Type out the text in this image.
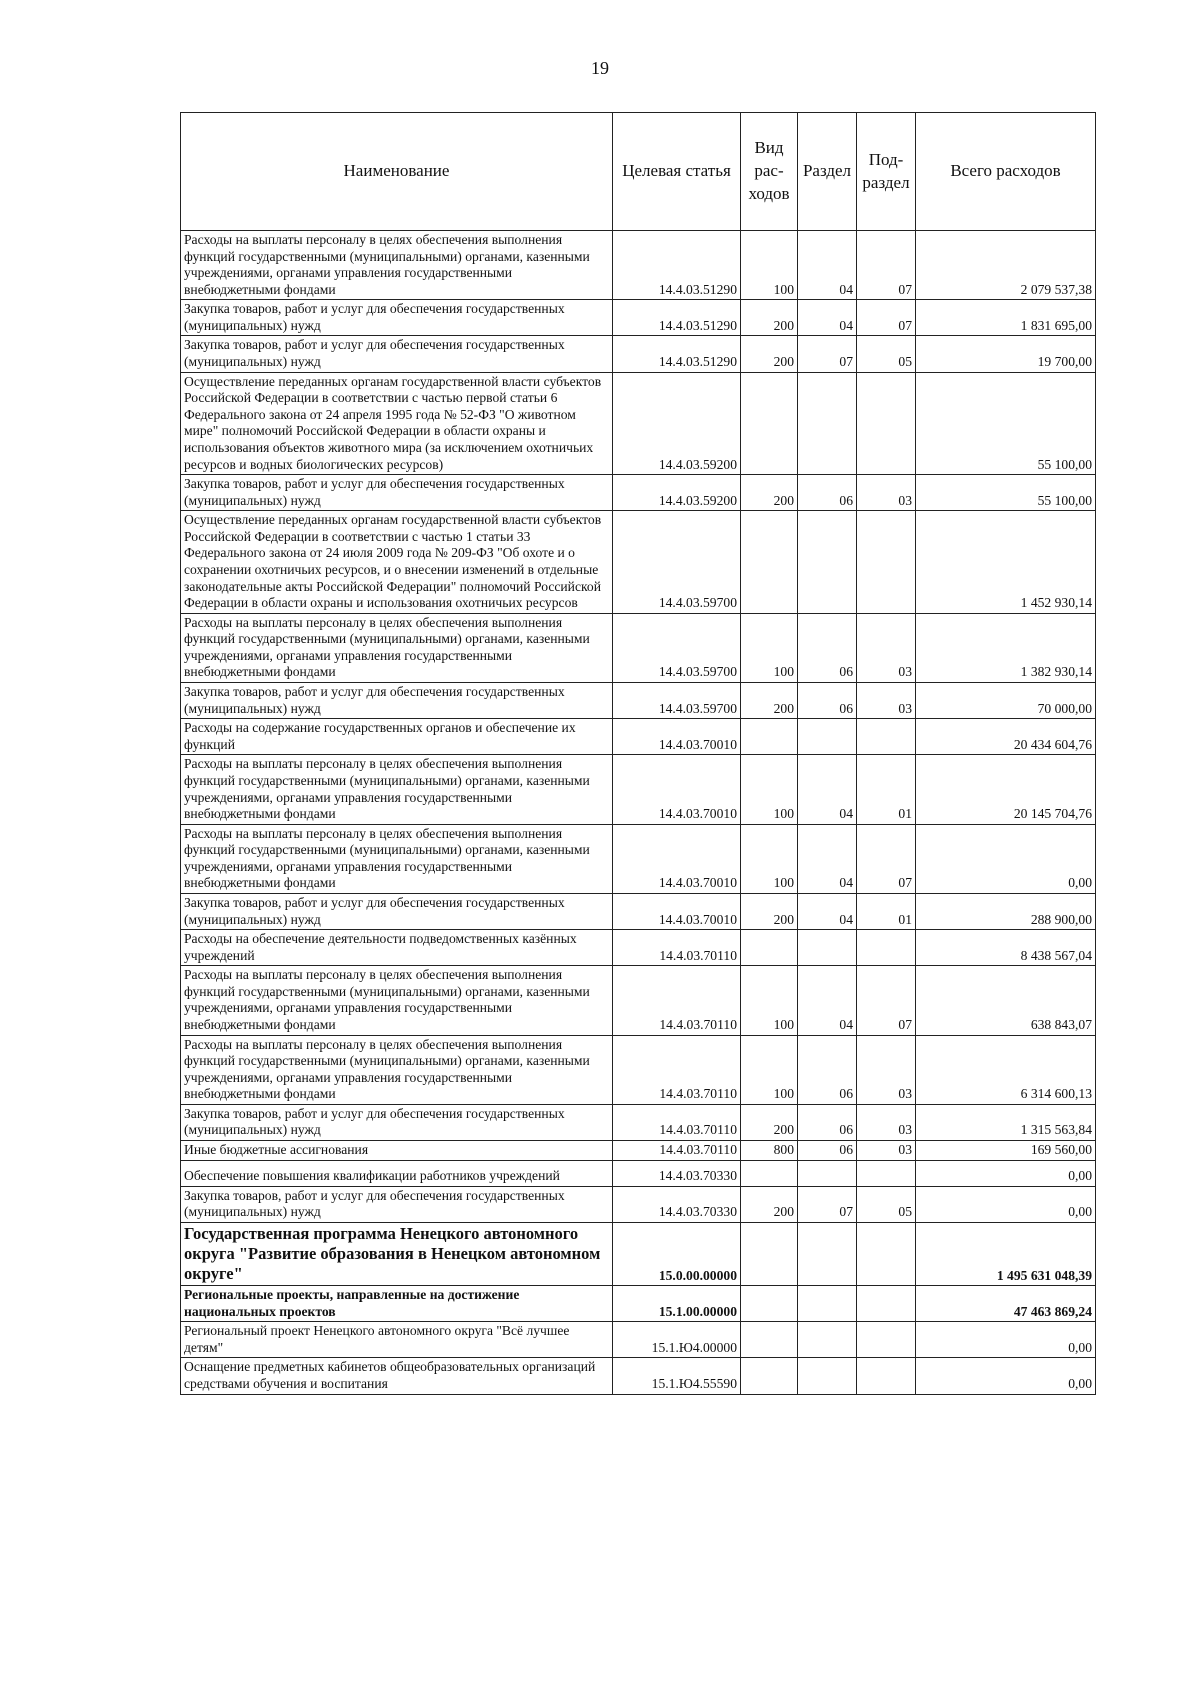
19
Наименование	Целевая статья	Вид рас-ходов	Раздел	Под-раздел	Всего расходов
Расходы на выплаты персоналу в целях обеспечения выполнения функций государственными (муниципальными) органами, казенными учреждениями, органами управления государственными внебюджетными фондами	14.4.03.51290	100	04	07	2 079 537,38
Закупка товаров, работ и услуг для обеспечения государственных (муниципальных) нужд	14.4.03.51290	200	04	07	1 831 695,00
Закупка товаров, работ и услуг для обеспечения государственных (муниципальных) нужд	14.4.03.51290	200	07	05	19 700,00
Осуществление переданных органам государственной власти субъектов Российской Федерации в соответствии с частью первой статьи 6 Федерального закона от 24 апреля 1995 года № 52-ФЗ "О животном мире" полномочий Российской Федерации в области охраны и использования объектов животного мира (за исключением охотничьих ресурсов и водных биологических ресурсов)	14.4.03.59200				55 100,00
Закупка товаров, работ и услуг для обеспечения государственных (муниципальных) нужд	14.4.03.59200	200	06	03	55 100,00
Осуществление переданных органам государственной власти субъектов Российской Федерации в соответствии с частью 1 статьи 33 Федерального закона от 24 июля 2009 года № 209-ФЗ "Об охоте и о сохранении охотничьих ресурсов, и о внесении изменений в отдельные законодательные акты Российской Федерации" полномочий Российской Федерации в области охраны и использования охотничьих ресурсов	14.4.03.59700				1 452 930,14
Расходы на выплаты персоналу в целях обеспечения выполнения функций государственными (муниципальными) органами, казенными учреждениями, органами управления государственными внебюджетными фондами	14.4.03.59700	100	06	03	1 382 930,14
Закупка товаров, работ и услуг для обеспечения государственных (муниципальных) нужд	14.4.03.59700	200	06	03	70 000,00
Расходы на содержание государственных органов и обеспечение их функций	14.4.03.70010				20 434 604,76
Расходы на выплаты персоналу в целях обеспечения выполнения функций государственными (муниципальными) органами, казенными учреждениями, органами управления государственными внебюджетными фондами	14.4.03.70010	100	04	01	20 145 704,76
Расходы на выплаты персоналу в целях обеспечения выполнения функций государственными (муниципальными) органами, казенными учреждениями, органами управления государственными внебюджетными фондами	14.4.03.70010	100	04	07	0,00
Закупка товаров, работ и услуг для обеспечения государственных (муниципальных) нужд	14.4.03.70010	200	04	01	288 900,00
Расходы на обеспечение деятельности подведомственных казённых учреждений	14.4.03.70110				8 438 567,04
Расходы на выплаты персоналу в целях обеспечения выполнения функций государственными (муниципальными) органами, казенными учреждениями, органами управления государственными внебюджетными фондами	14.4.03.70110	100	04	07	638 843,07
Расходы на выплаты персоналу в целях обеспечения выполнения функций государственными (муниципальными) органами, казенными учреждениями, органами управления государственными внебюджетными фондами	14.4.03.70110	100	06	03	6 314 600,13
Закупка товаров, работ и услуг для обеспечения государственных (муниципальных) нужд	14.4.03.70110	200	06	03	1 315 563,84
Иные бюджетные ассигнования	14.4.03.70110	800	06	03	169 560,00
Обеспечение повышения квалификации работников учреждений	14.4.03.70330				0,00
Закупка товаров, работ и услуг для обеспечения государственных (муниципальных) нужд	14.4.03.70330	200	07	05	0,00
Государственная программа Ненецкого автономного округа "Развитие образования в Ненецком автономном округе"	15.0.00.00000				1 495 631 048,39
Региональные проекты, направленные на достижение национальных проектов	15.1.00.00000				47 463 869,24
Региональный проект Ненецкого автономного округа "Всё лучшее детям"	15.1.Ю4.00000				0,00
Оснащение предметных кабинетов общеобразовательных организаций средствами обучения и воспитания	15.1.Ю4.55590				0,00
